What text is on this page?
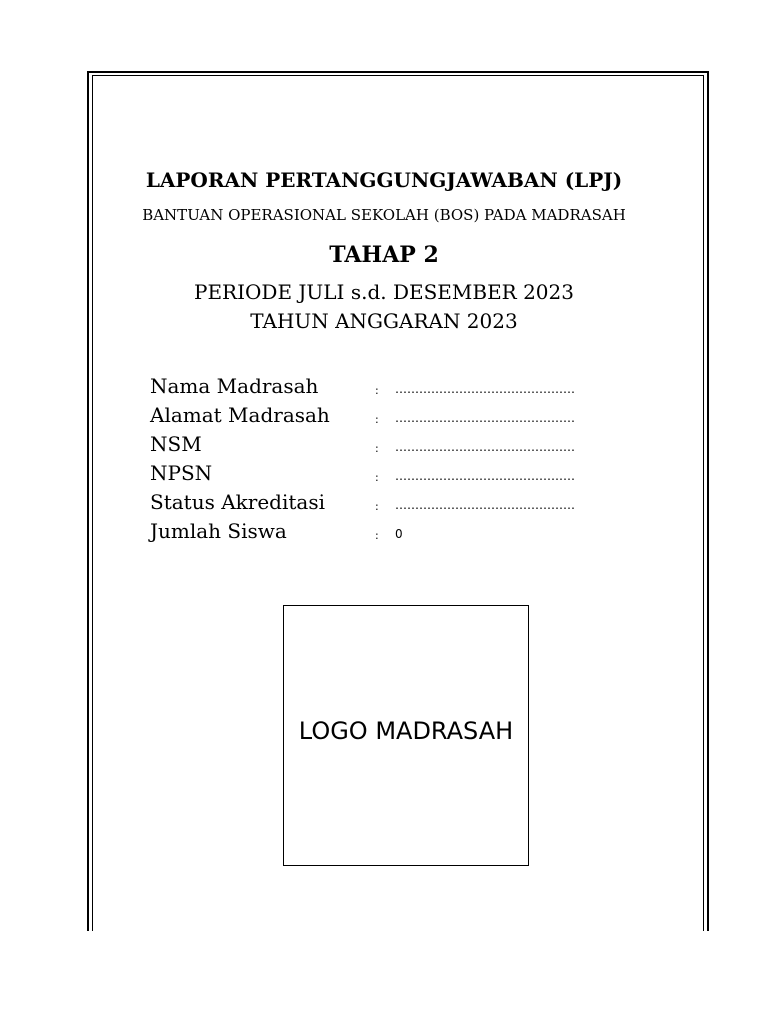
LAPORAN PERTANGGUNGJAWABAN (LPJ)
BANTUAN OPERASIONAL SEKOLAH (BOS) PADA MADRASAH
TAHAP 2
PERIODE JULI s.d. DESEMBER 2023
TAHUN ANGGARAN 2023
Nama Madrasah	: ………………………………………
Alamat Madrasah	: ………………………………………
NSM	: ………………………………………
NPSN	: ………………………………………
Status Akreditasi	: ………………………………………
Jumlah Siswa	: 0
LOGO MADRASAH
